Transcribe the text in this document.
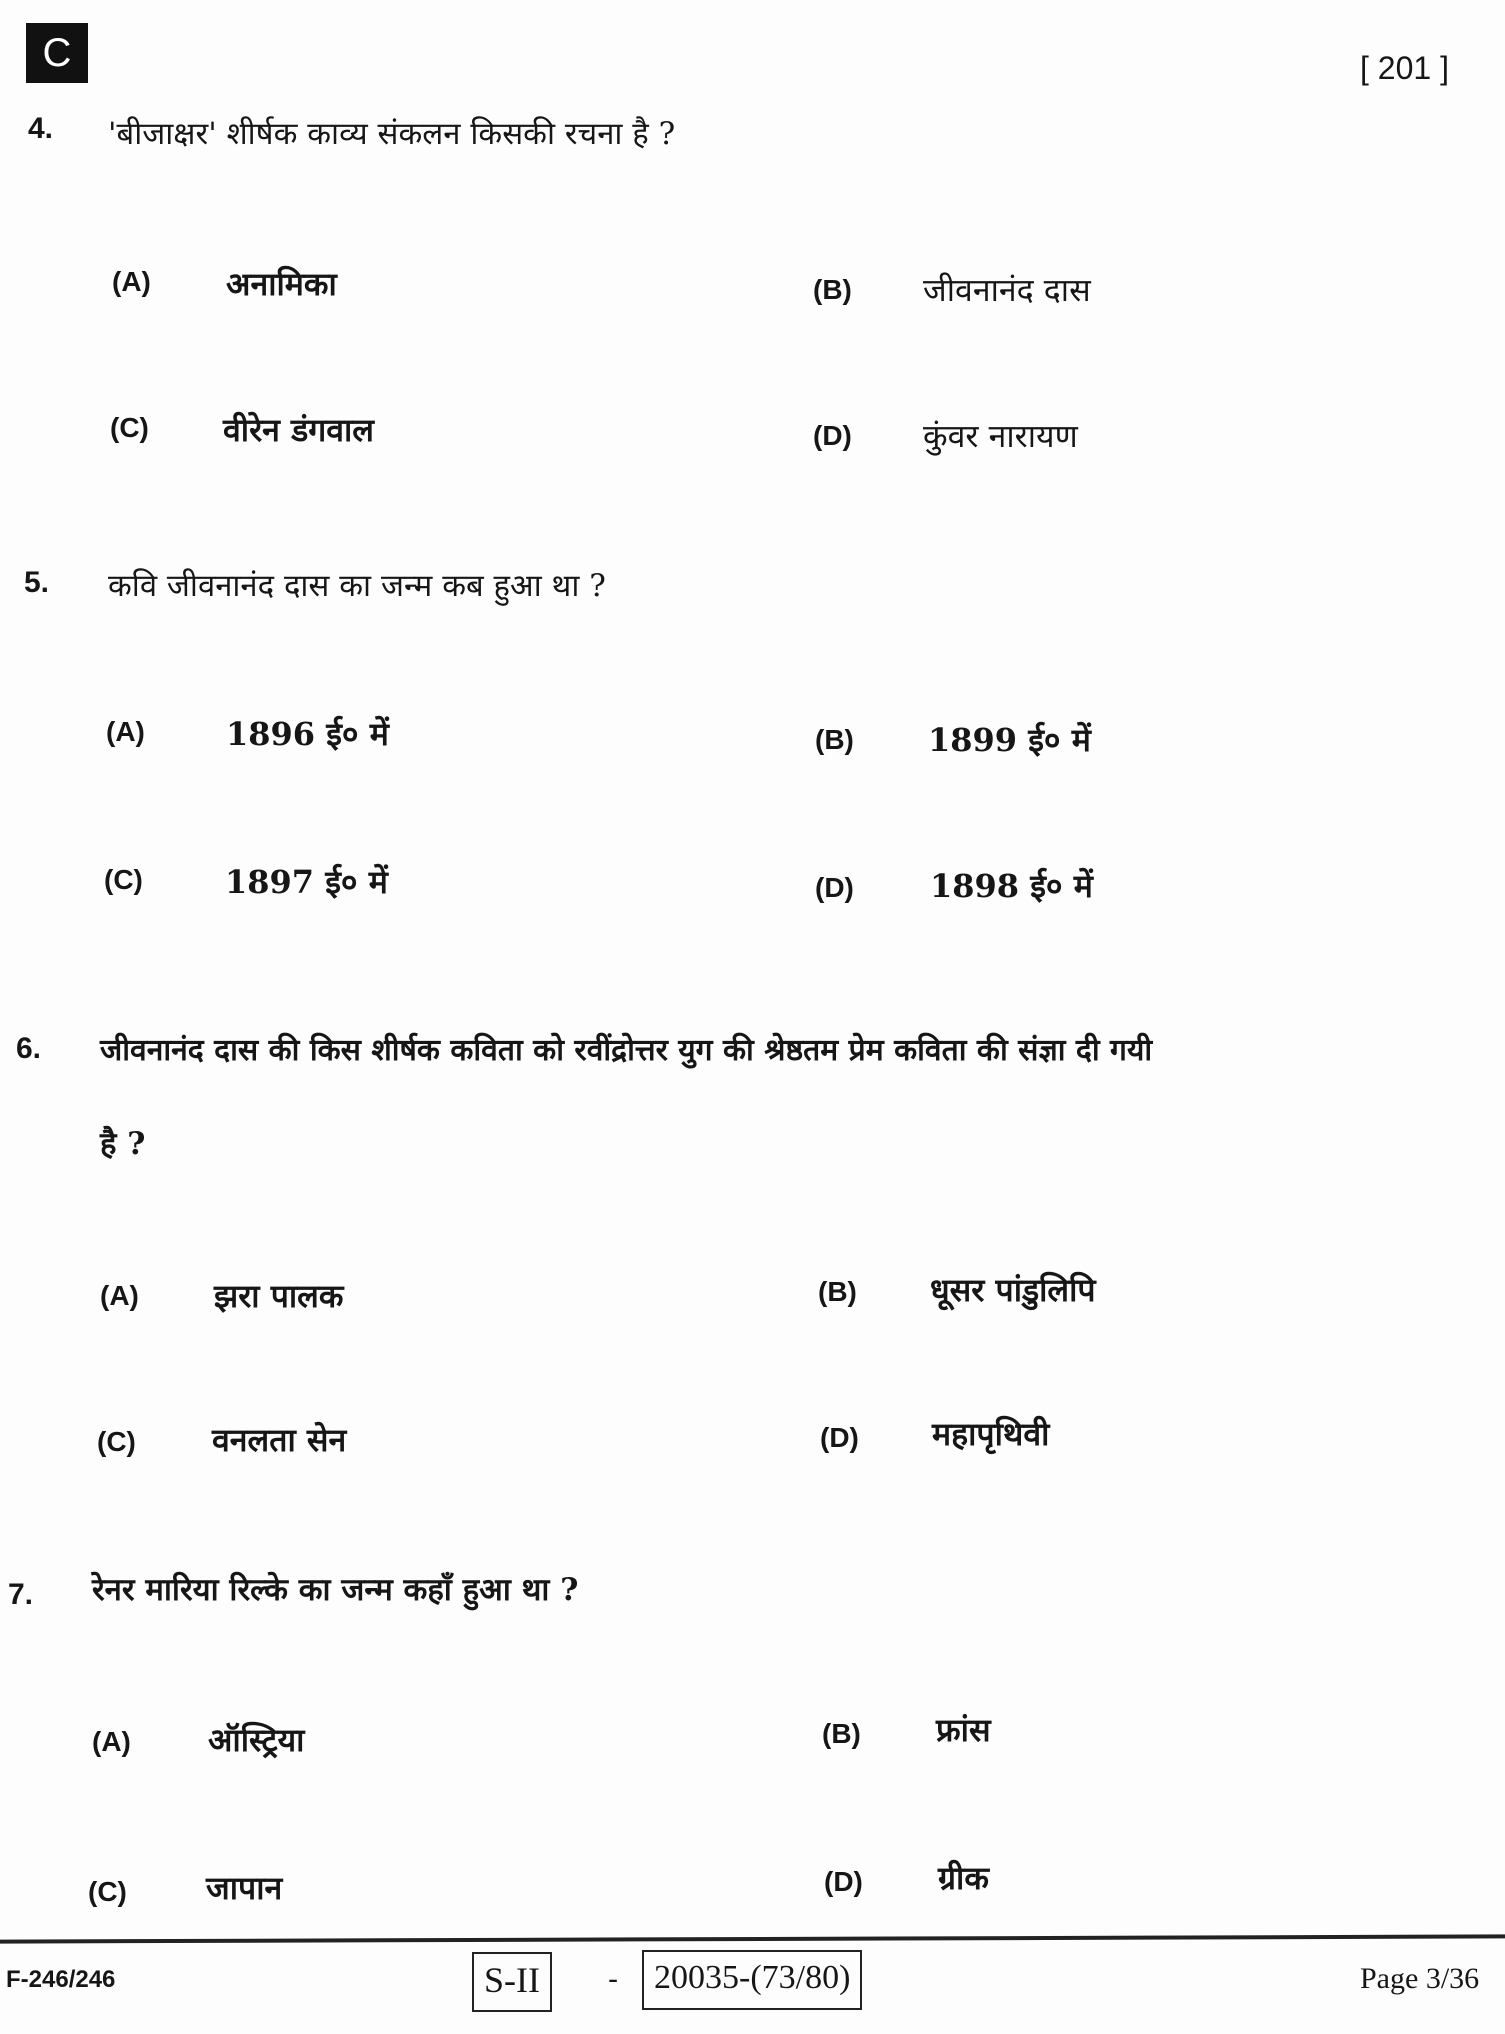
C	[ 201 ]
4. 'बीजाक्षर' शीर्षक काव्य संकलन किसकी रचना है ?
(A) अनामिका	(B) जीवनानंद दास
(C) वीरेन डंगवाल	(D) कुंवर नारायण
5. कवि जीवनानंद दास का जन्म कब हुआ था ?
(A)	1896 ई० में	(B) 1899 ई० में
(C)	1897 ई० में	(D) 1898 ई० में
6. जीवनानंद दास की किस शीर्षक कविता को रवींद्रोत्तर युग की श्रेष्ठतम प्रेम कविता की संज्ञा दी गयी
है ?
(A) झरा पालक	(B) धूसर पांडुलिपि
(C) वनलता सेन	(D) महापृथिवी
7. रेनर मारिया रिल्के का जन्म कहाँ हुआ था ?
(A) ऑस्ट्रिया	(B) फ्रांस
(C) जापान	(D) ग्रीक
F-246/246	S-II	-	20035-(73/80)	Page 3/36
